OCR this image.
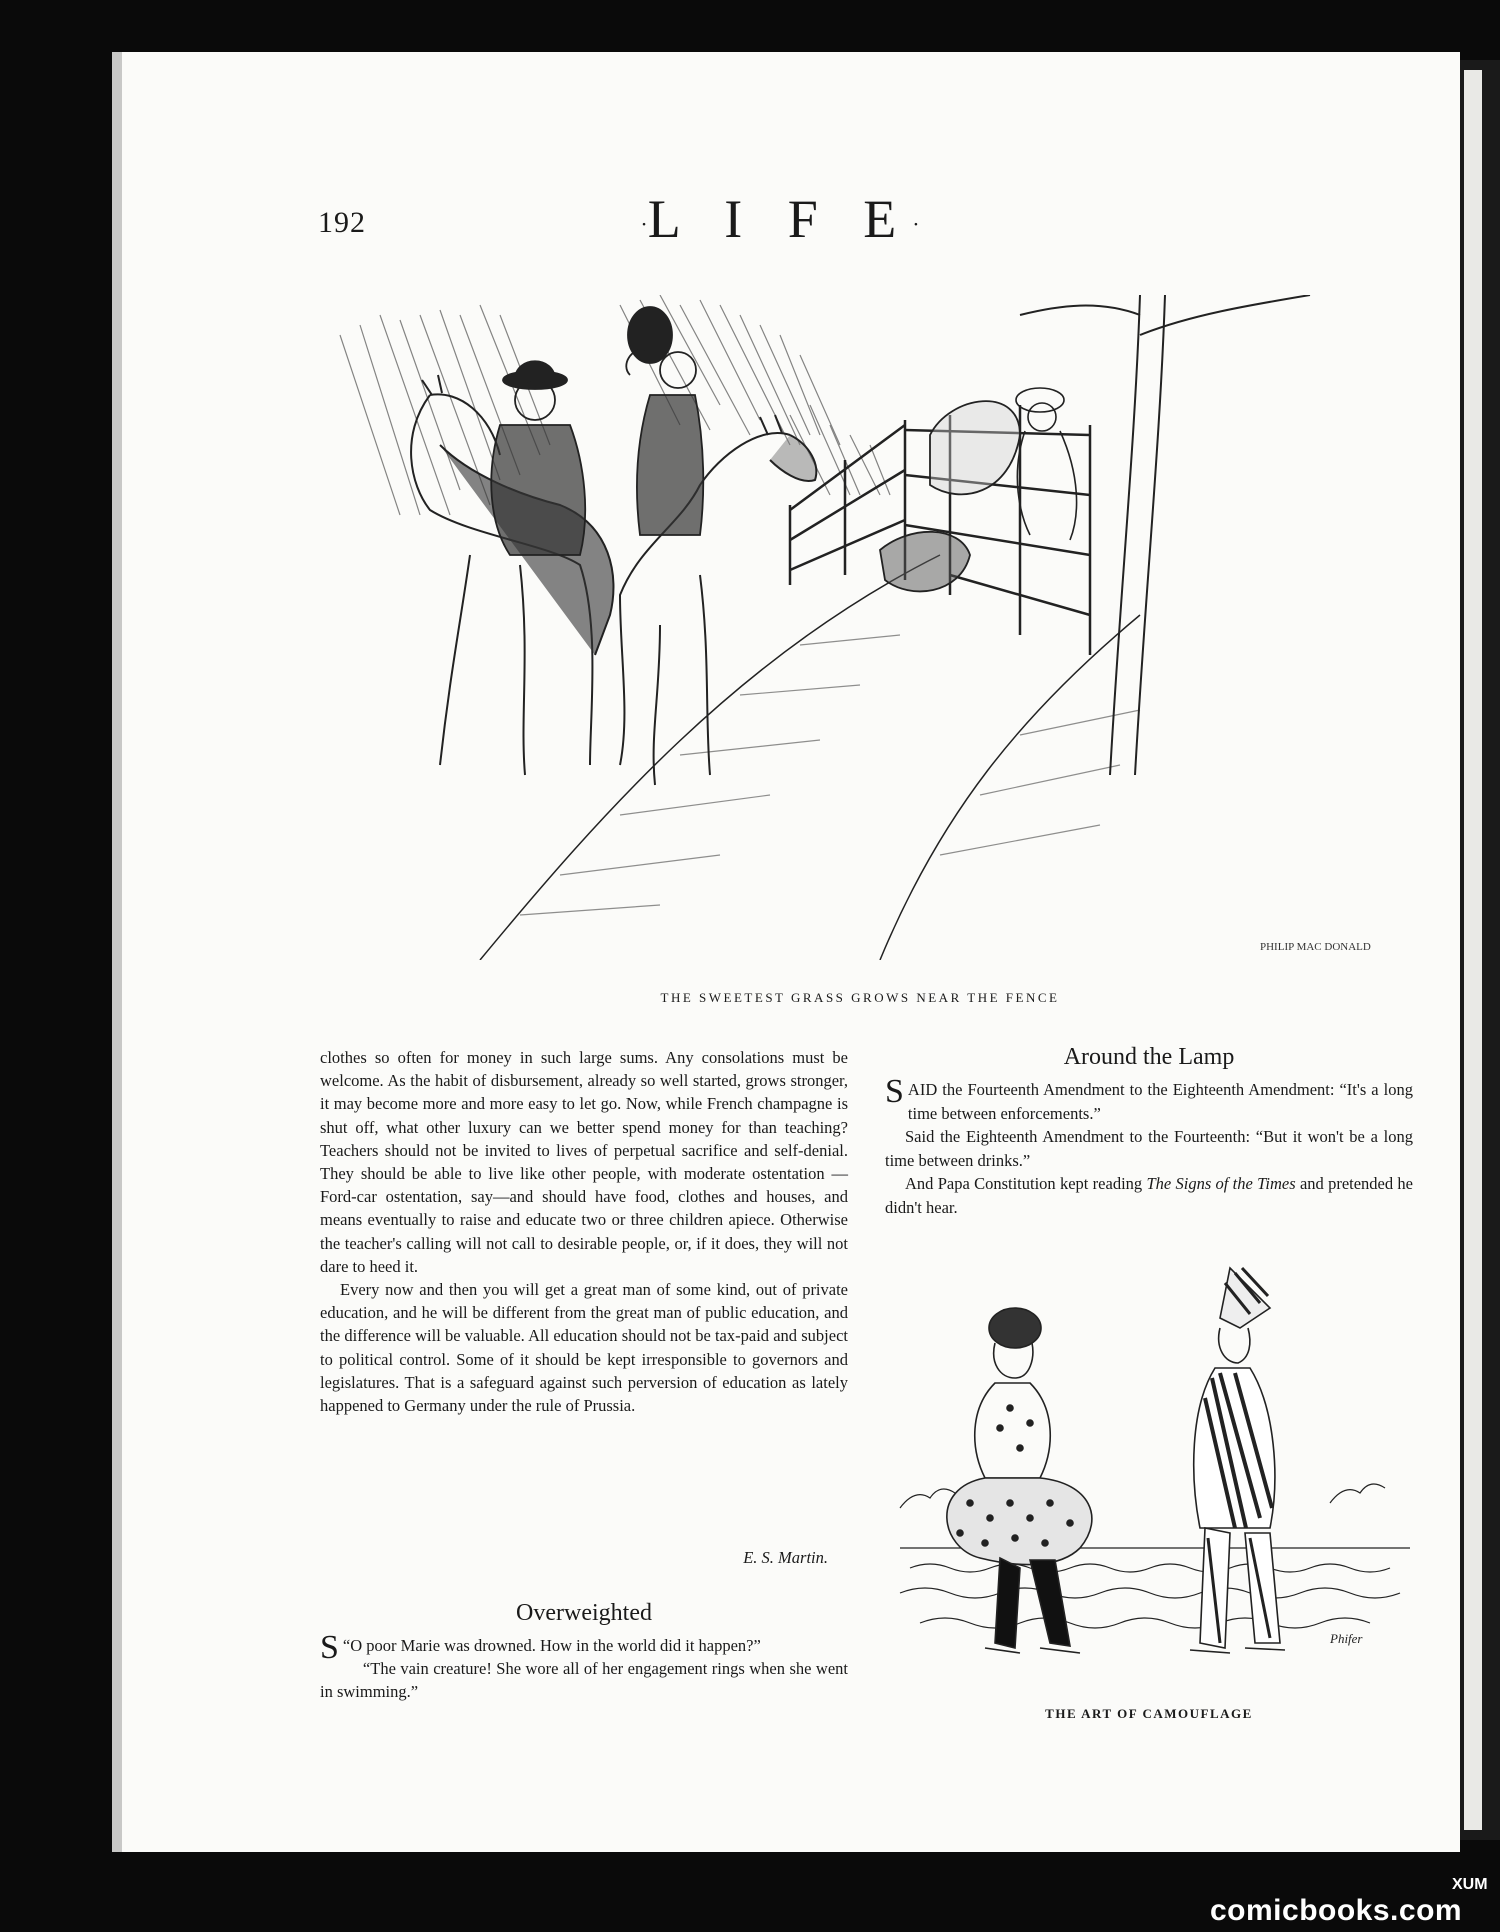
192	·L I F E·
PHILIP MAC DONALD
THE SWEETEST GRASS GROWS NEAR THE FENCE

clothes so often for money in such large sums. Any consolations must be welcome. As the habit of disbursement, already so well started, grows stronger, it may become more and more easy to let go. Now, while French champagne is shut off, what other luxury can we better spend money for than teaching? Teachers should not be invited to lives of perpetual sacrifice and self-denial. They should be able to live like other people, with moderate ostentation —Ford-car ostentation, say—and should have food, clothes and houses, and means eventually to raise and educate two or three children apiece. Otherwise the teacher's calling will not call to desirable people, or, if it does, they will not dare to heed it.

Every now and then you will get a great man of some kind, out of private education, and he will be different from the great man of public education, and the difference will be valuable. All education should not be tax-paid and subject to political control. Some of it should be kept irresponsible to governors and legislatures. That is a safeguard against such perversion of education as lately happened to Germany under the rule of Prussia.

E. S. Martin.
Overweighted

“
S O poor Marie was drowned. How in the world did it happen?”

“The vain creature! She wore all of her engagement rings when she went in swimming.”

Around the Lamp

SAID the Fourteenth Amendment to the Eighteenth Amendment: “It's a long time between enforcements.”

Said the Eighteenth Amendment to the Fourteenth: “But it won't be a long time between drinks.”

And Papa Constitution kept reading The Signs of the Times and pretended he didn't hear.

Phifer
THE ART OF CAMOUFLAGE
comicbooks.com
XUM
